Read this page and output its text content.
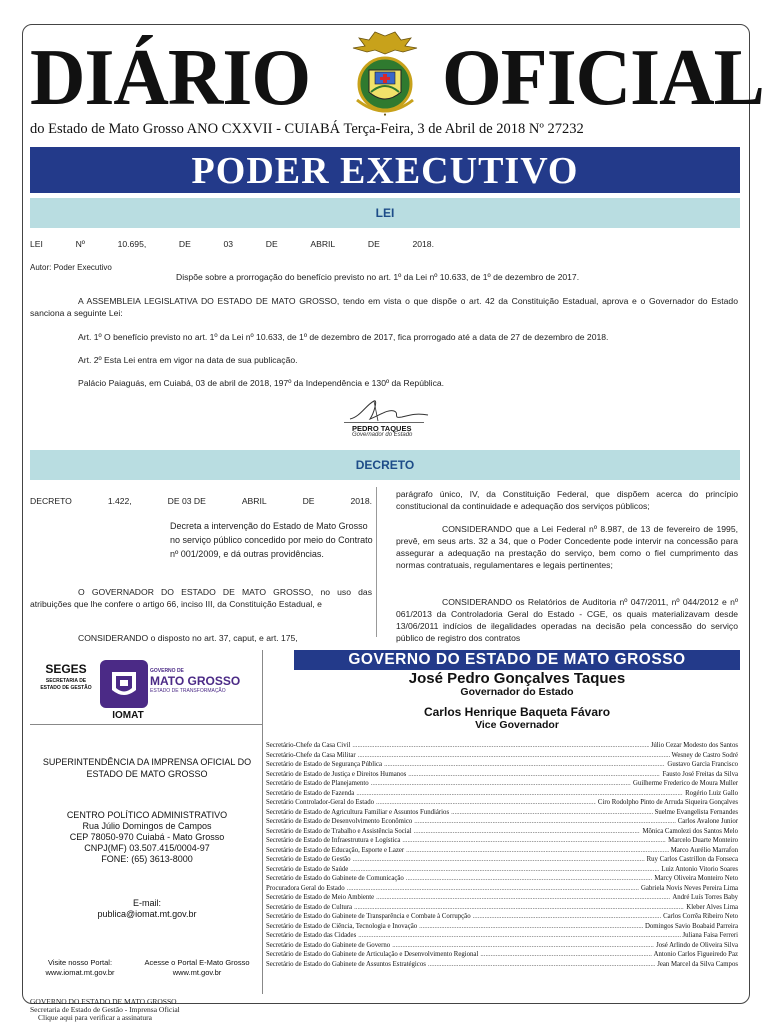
DIÁRIO	● OFICIAL
do Estado de Mato Grosso ANO CXXVII - CUIABÁ Terça-Feira, 3 de Abril de 2018 Nº 27232
PODER EXECUTIVO
LEI
LEI	Nº	10.695,	DE	03	DE	ABRIL	DE	2018.
Autor: Poder Executivo
Dispõe sobre a prorrogação do benefício previsto no art. 1º da Lei nº 10.633, de 1º de dezembro de 2017.
A ASSEMBLEIA LEGISLATIVA DO ESTADO DE MATO GROSSO, tendo em vista o que dispõe o art. 42 da Constituição Estadual, aprova e o Governador do Estado sanciona a seguinte Lei:
Art. 1º O benefício previsto no art. 1º da Lei nº 10.633, de 1º de dezembro de 2017, fica prorrogado até a data de 27 de dezembro de 2018.
Art. 2º Esta Lei entra em vigor na data de sua publicação.
Palácio Paiaguás, em Cuiabá, 03 de abril de 2018, 197º da Independência e 130º da República.
PEDRO TAQUES
Governador do Estado
DECRETO
DECRETO	1.422,	DE 03 DE	ABRIL	DE	2018.
Decreta a intervenção do Estado de Mato Grosso no serviço público concedido por meio do Contrato nº 001/2009, e dá outras providências.
O GOVERNADOR DO ESTADO DE MATO GROSSO, no uso das atribuições que lhe confere o artigo 66, inciso III, da Constituição Estadual, e
CONSIDERANDO o disposto no art. 37, caput, e art. 175,
parágrafo único, IV, da Constituição Federal, que dispõem acerca do princípio constitucional da continuidade e adequação dos serviços públicos;
CONSIDERANDO que a Lei Federal nº 8.987, de 13 de fevereiro de 1995, prevê, em seus arts. 32 a 34, que o Poder Concedente pode intervir na concessão para assegurar a adequação na prestação do serviço, bem como o fiel cumprimento das normas contratuais, regulamentares e legais pertinentes;
CONSIDERANDO os Relatórios de Auditoria nº 047/2011, nº 044/2012 e nº 061/2013 da Controladoria Geral do Estado - CGE, os quais materializavam desde 13/06/2011 indícios de ilegalidades operadas na decisão pela concessão do serviço público de registro dos contratos
SEGES
SECRETARIA DE ESTADO DE GESTÃO
GOVERNO DE
MATO GROSSO
ESTADO DE TRANSFORMAÇÃO
IOMAT
SUPERINTENDÊNCIA DA IMPRENSA OFICIAL DO ESTADO DE MATO GROSSO
CENTRO POLÍTICO ADMINISTRATIVO
Rua Júlio Domingos de Campos
CEP 78050-970 Cuiabá - Mato Grosso
CNPJ(MF) 03.507.415/0004-97
FONE: (65) 3613-8000
E-mail:
publica@iomat.mt.gov.br
Visite nosso Portal:
www.iomat.mt.gov.br
Acesse o Portal E-Mato Grosso
www.mt.gov.br
GOVERNO DO ESTADO DE MATO GROSSO
José Pedro Gonçalves Taques
Governador do Estado
Carlos Henrique Baqueta Fávaro
Vice Governador
Secretário-Chefe da Casa Civil .....	Júlio Cezar Modesto dos Santos
Secretário-Chefe da Casa Militar .....	Wesney de Castro Sodré
Secretário de Estado de Segurança Pública .....	Gustavo Garcia Francisco
Secretário de Estado de Justiça e Direitos Humanos .....	Fausto José Freitas da Silva
Secretário de Estado de Planejamento .....	Guilherme Frederico de Moura Muller
Secretário de Estado de Fazenda .....	Rogério Luiz Gallo
Secretário Controlador-Geral do Estado .....	Ciro Rodolpho Pinto de Arruda Siqueira Gonçalves
Secretário de Estado de Agricultura Familiar e Assuntos Fundiários .....	Suelme Evangelista Fernandes
Secretário de Estado de Desenvolvimento Econômico .....	Carlos Avalone Junior
Secretário de Estado de Trabalho e Assistência Social .....	Mônica Camolezi dos Santos Melo
Secretário de Estado de Infraestrutura e Logística .....	Marcelo Duarte Monteiro
Secretário de Estado de Educação, Esporte e Lazer .....	Marco Aurélio Marrafon
Secretário de Estado de Gestão .....	Ruy Carlos Castrillon da Fonseca
Secretário de Estado de Saúde .....	Luiz Antonio Vitorio Soares
Secretário de Estado do Gabinete de Comunicação .....	Marcy Oliveira Monteiro Neto
Procuradora Geral do Estado .....	Gabriela Novis Neves Pereira Lima
Secretário de Estado de Meio Ambiente .....	André Luís Torres Baby
Secretário de Estado de Cultura .....	Kleber Alves Lima
Secretário de Estado do Gabinete de Transparência e Combate à Corrupção .....	Carlos Corrêa Ribeiro Neto
Secretário de Estado de Ciência, Tecnologia e Inovação .....	Domingos Savio Boabaid Parreira
Secretário de Estado das Cidades .....	Juliana Faisa Ferreri
Secretário de Estado do Gabinete de Governo .....	José Arlindo de Oliveira Silva
Secretário de Estado do Gabinete de Articulação e Desenvolvimento Regional .....	Antonio Carlos Figueiredo Paz
Secretário de Estado do Gabinete de Assuntos Estratégicos .....	Jean Marcel da Silva Campos
GOVERNO DO ESTADO DE MATO GROSSO
Secretaria de Estado de Gestão - Imprensa Oficial
Clique aqui para verificar a assinatura
